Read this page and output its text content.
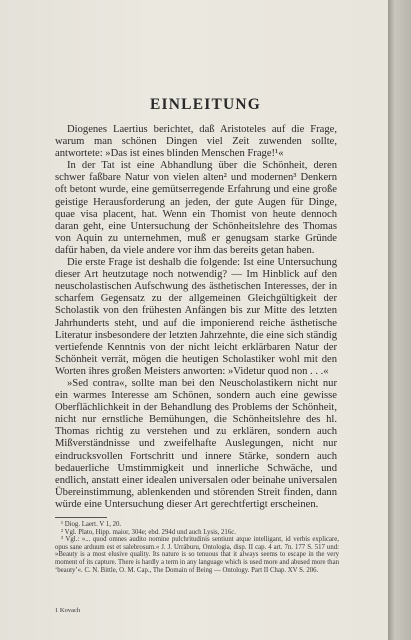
EINLEITUNG

Diogenes Laertius berichtet, daß Aristoteles auf die Frage, warum man schönen Dingen viel Zeit zuwenden sollte, antwortete: »Das ist eines blinden Menschen Frage!¹«

In der Tat ist eine Abhandlung über die Schönheit, deren schwer faßbare Natur von vielen alten² und modernen³ Denkern oft betont wurde, eine gemütserregende Erfahrung und eine große geistige Herausforderung an jeden, der gute Augen für Dinge, quae visa placent, hat. Wenn ein Thomist von heute dennoch daran geht, eine Untersuchung der Schönheitslehre des Thomas von Aquin zu unternehmen, muß er genugsam starke Gründe dafür haben, da viele andere vor ihm das bereits getan haben.

Die erste Frage ist deshalb die folgende: Ist eine Untersuchung dieser Art heutzutage noch notwendig? — Im Hinblick auf den neuscholastischen Aufschwung des ästhetischen Interesses, der in scharfem Gegensatz zu der allgemeinen Gleichgültigkeit der Scholastik von den frühesten Anfängen bis zur Mitte des letzten Jahrhunderts steht, und auf die imponierend reiche ästhetische Literatur insbesondere der letzten Jahrzehnte, die eine sich ständig vertiefende Kenntnis von der nicht leicht erklärbaren Natur der Schönheit verrät, mögen die heutigen Scholastiker wohl mit den Worten ihres großen Meisters anworten: »Videtur quod non . . .«

»Sed contra«, sollte man bei den Neuscholastikern nicht nur ein warmes Interesse am Schönen, sondern auch eine gewisse Oberflächlichkeit in der Behandlung des Problems der Schönheit, nicht nur ernstliche Bemühungen, die Schönheitslehre des hl. Thomas richtig zu verstehen und zu erklären, sondern auch Mißverständnisse und zweifelhafte Auslegungen, nicht nur eindrucksvollen Fortschritt und innere Stärke, sondern auch bedauerliche Umstimmigkeit und innerliche Schwäche, und endlich, anstatt einer idealen universalen oder beinahe universalen Übereinstimmung, ablenkenden und störenden Streit finden, dann würde eine Untersuchung dieser Art gerechtfertigt erscheinen.

¹ Diog. Laert. V 1, 20.

² Vgl. Plato, Hipp. maior, 304e; ebd. 294d und auch Lysis, 216c.

³ Vgl.: »... quod omnes audito nomine pulchritudinis sentiunt atque intelligant, id verbis explicare, opus sane arduum est et salebrosum.« J. J. Urráburu, Ontologia, disp. II cap. 4 art. 7n. 177 S. 517 und: »Beauty is a most elusive quality. Its nature is so tenuous that it always seems to escape in the very moment of its capture. There is hardly a term in any language which is used more and abused more than ‘beauty’«. C. N. Bittle, O. M. Cap., The Domain of Being — Ontology. Part II Chap. XV S. 206.

1 Kovach
